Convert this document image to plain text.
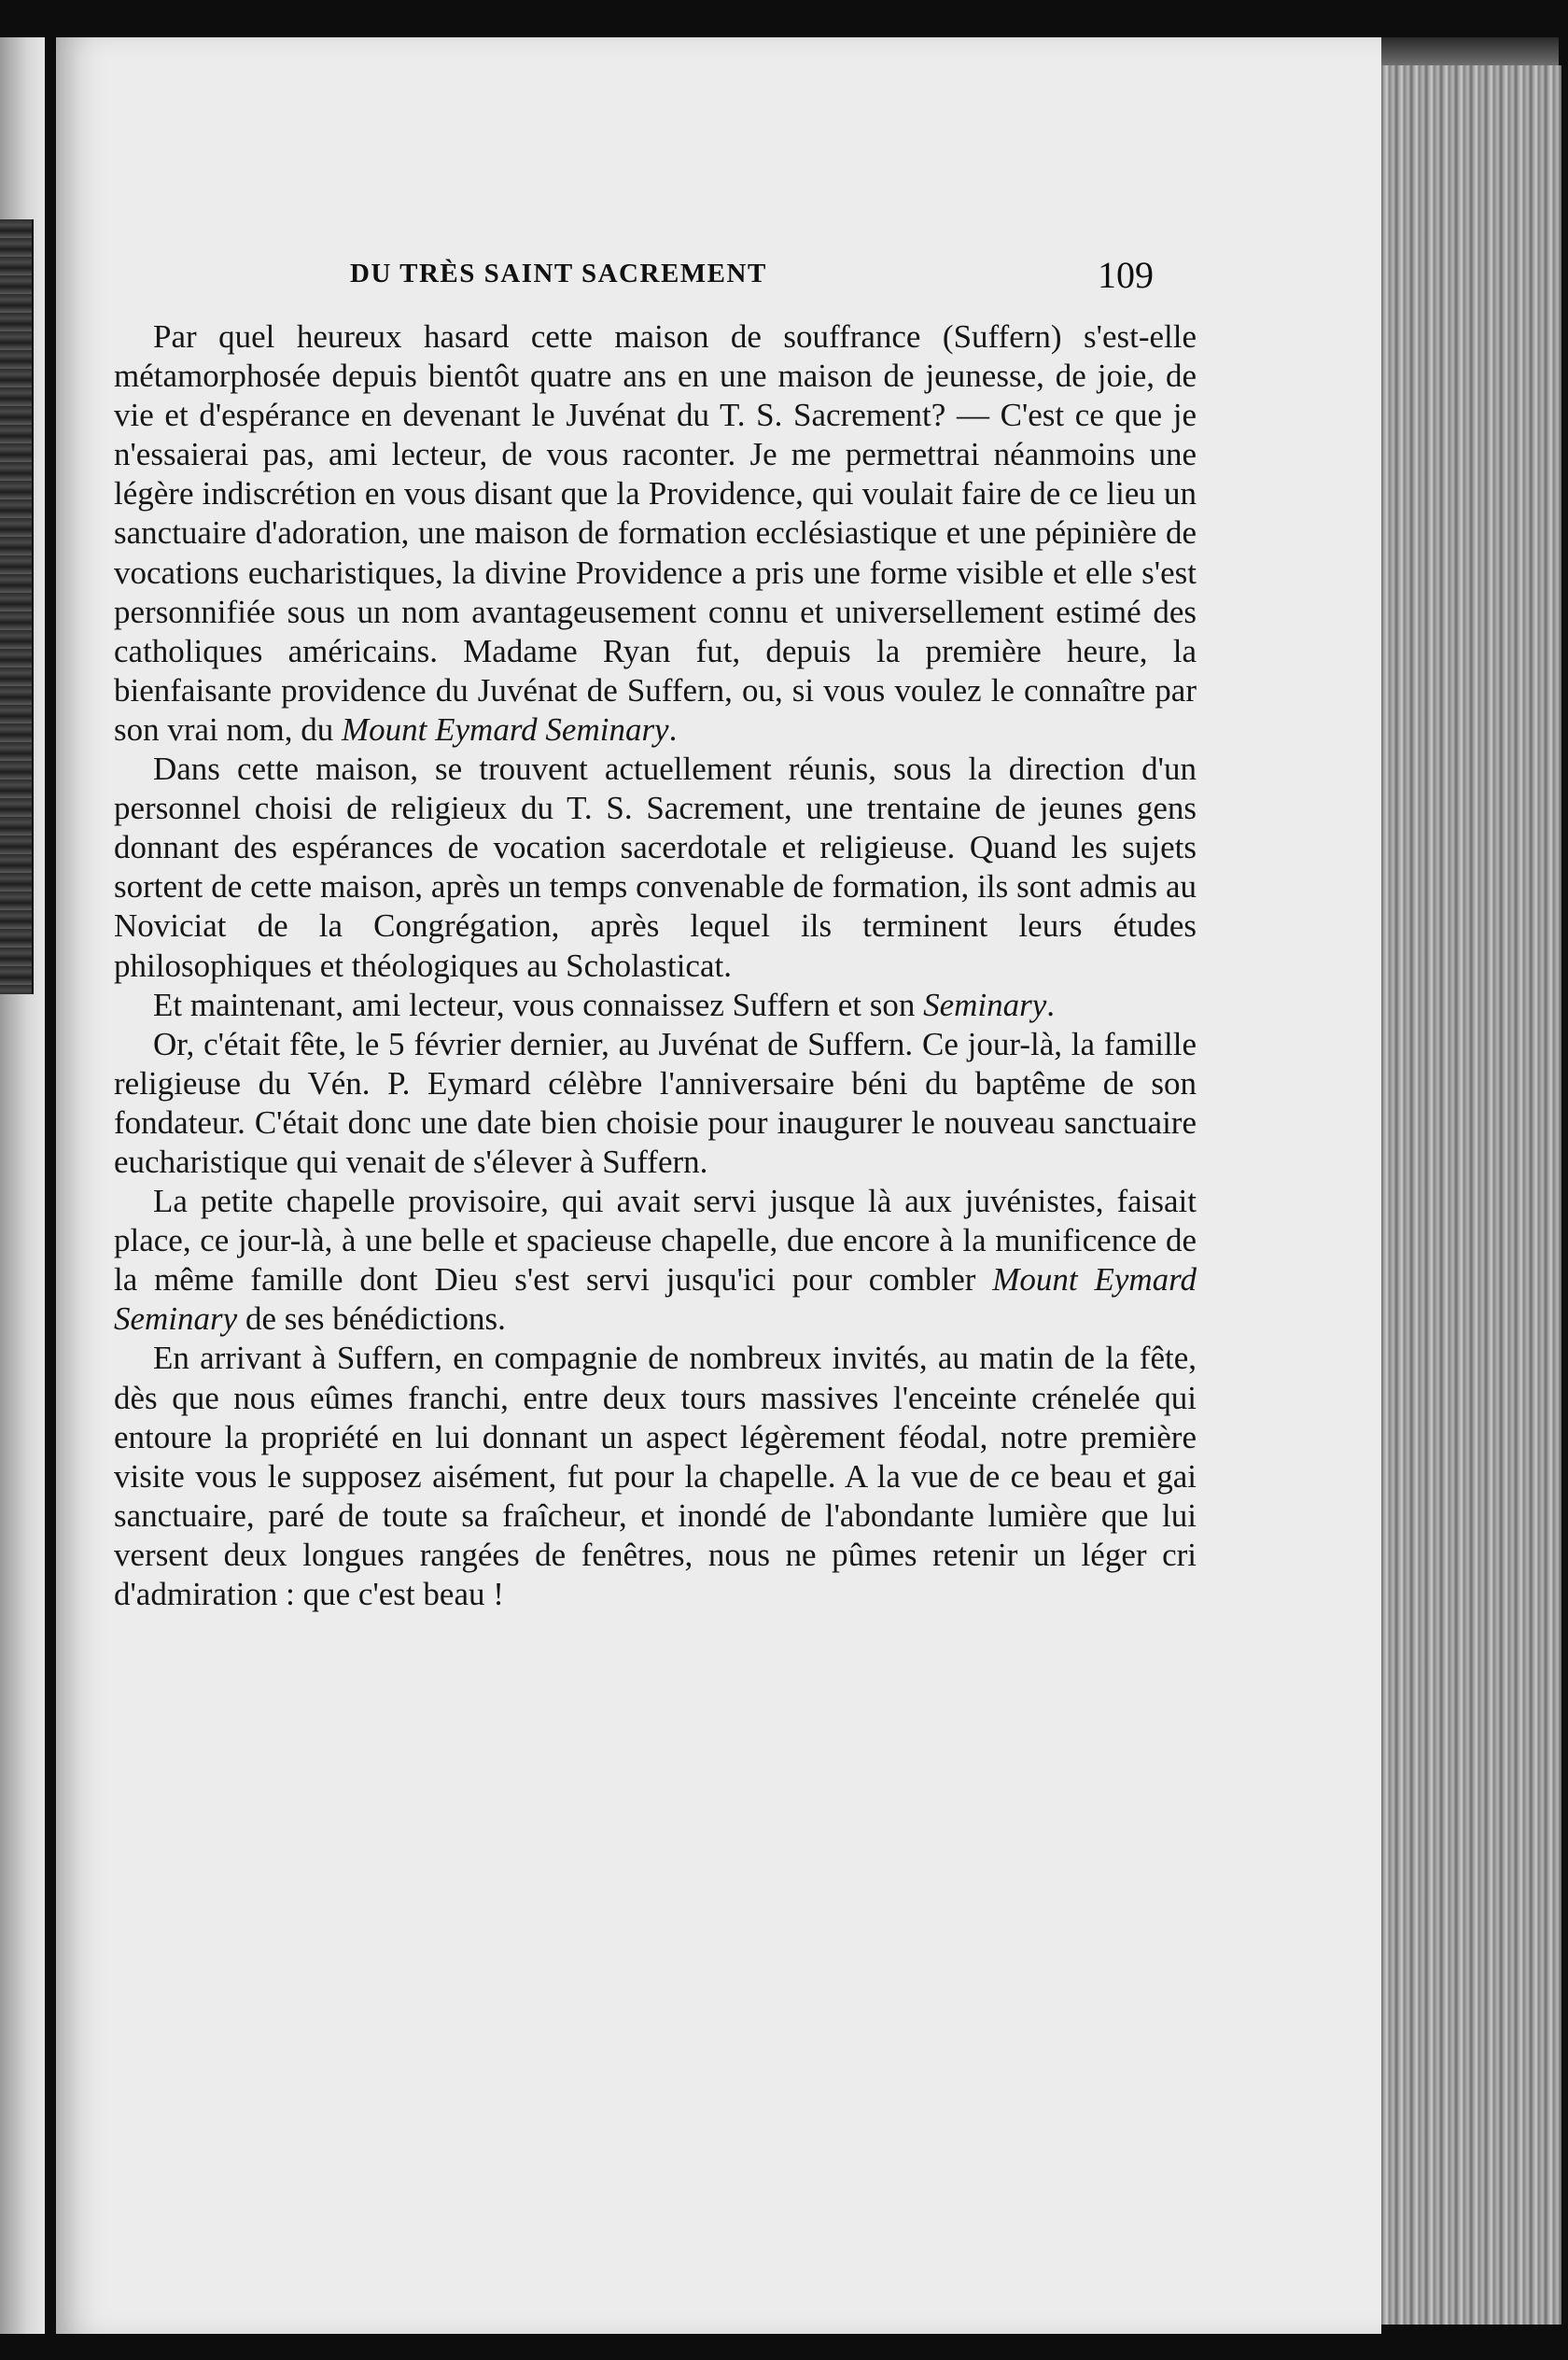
DU TRÈS SAINT SACREMENT	109

Par quel heureux hasard cette maison de souffrance (Suffern) s'est-elle métamorphosée depuis bientôt quatre ans en une maison de jeunesse, de joie, de vie et d'espérance en devenant le Juvénat du T. S. Sacrement? — C'est ce que je n'essaierai pas, ami lecteur, de vous raconter. Je me permettrai néanmoins une légère indiscrétion en vous disant que la Providence, qui voulait faire de ce lieu un sanctuaire d'adoration, une maison de formation ecclésiastique et une pépinière de vocations eucharistiques, la divine Providence a pris une forme visible et elle s'est personnifiée sous un nom avantageusement connu et universellement estimé des catholiques américains. Madame Ryan fut, depuis la première heure, la bienfaisante providence du Juvénat de Suffern, ou, si vous voulez le connaître par son vrai nom, du Mount Eymard Seminary.

Dans cette maison, se trouvent actuellement réunis, sous la direction d'un personnel choisi de religieux du T. S. Sacrement, une trentaine de jeunes gens donnant des espérances de vocation sacerdotale et religieuse. Quand les sujets sortent de cette maison, après un temps convenable de formation, ils sont admis au Noviciat de la Congrégation, après lequel ils terminent leurs études philosophiques et théologiques au Scholasticat.

Et maintenant, ami lecteur, vous connaissez Suffern et son Seminary.

Or, c'était fête, le 5 février dernier, au Juvénat de Suffern. Ce jour-là, la famille religieuse du Vén. P. Eymard célèbre l'anniversaire béni du baptême de son fondateur. C'était donc une date bien choisie pour inaugurer le nouveau sanctuaire eucharistique qui venait de s'élever à Suffern.

La petite chapelle provisoire, qui avait servi jusque là aux juvénistes, faisait place, ce jour-là, à une belle et spacieuse chapelle, due encore à la munificence de la même famille dont Dieu s'est servi jusqu'ici pour combler Mount Eymard Seminary de ses bénédictions.

En arrivant à Suffern, en compagnie de nombreux invités, au matin de la fête, dès que nous eûmes franchi, entre deux tours massives l'enceinte crénelée qui entoure la propriété en lui donnant un aspect légèrement féodal, notre première visite vous le supposez aisément, fut pour la chapelle. A la vue de ce beau et gai sanctuaire, paré de toute sa fraîcheur, et inondé de l'abondante lumière que lui versent deux longues rangées de fenêtres, nous ne pûmes retenir un léger cri d'admiration : que c'est beau !
